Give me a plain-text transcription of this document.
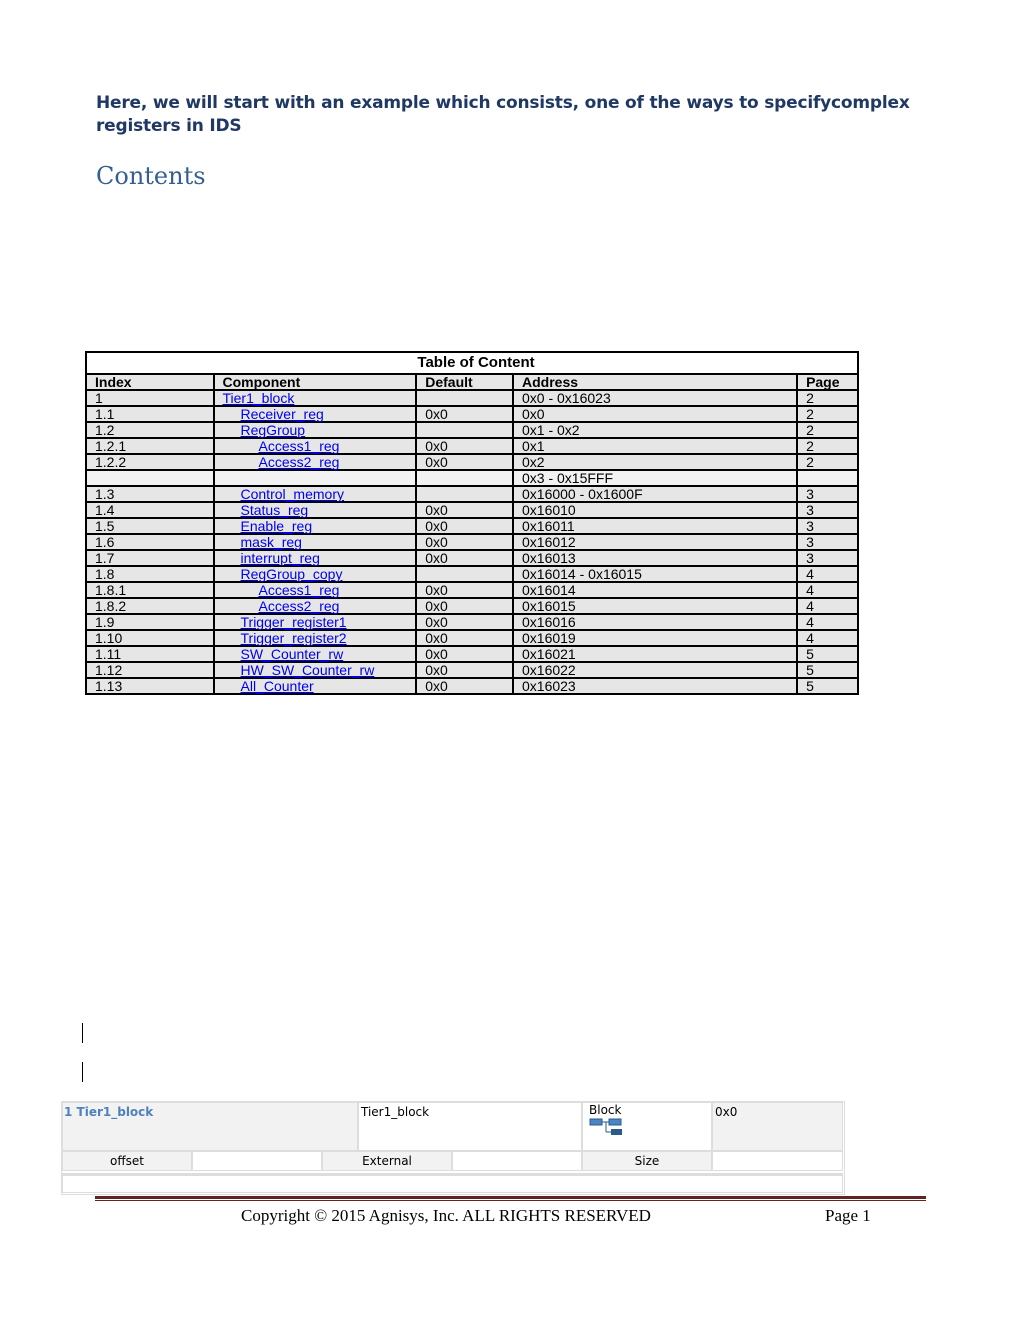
Here, we will start with an example which consists, one of the ways to specifycomplex registers in IDS
Contents
Table of Content				
Index	Component	Default	Address	Page
1	Tier1_block		0x0 - 0x16023	2
1.1	Receiver_reg	0x0	0x0	2
1.2	RegGroup		0x1 - 0x2	2
1.2.1	Access1_reg	0x0	0x1	2
1.2.2	Access2_reg	0x0	0x2	2
			0x3 - 0x15FFF	
1.3	Control_memory		0x16000 - 0x1600F	3
1.4	Status_reg	0x0	0x16010	3
1.5	Enable_reg	0x0	0x16011	3
1.6	mask_reg	0x0	0x16012	3
1.7	interrupt_reg	0x0	0x16013	3
1.8	RegGroup_copy		0x16014 - 0x16015	4
1.8.1	Access1_reg	0x0	0x16014	4
1.8.2	Access2_reg	0x0	0x16015	4
1.9	Trigger_register1	0x0	0x16016	4
1.10	Trigger_register2	0x0	0x16019	4
1.11	SW_Counter_rw	0x0	0x16021	5
1.12	HW_SW_Counter_rw	0x0	0x16022	5
1.13	All_Counter	0x0	0x16023	5
1 Tier1_block	Tier1_block	Block	0x0
offset	External	Size
Copyright © 2015 Agnisys, Inc. ALL RIGHTS RESERVED	Page 1
